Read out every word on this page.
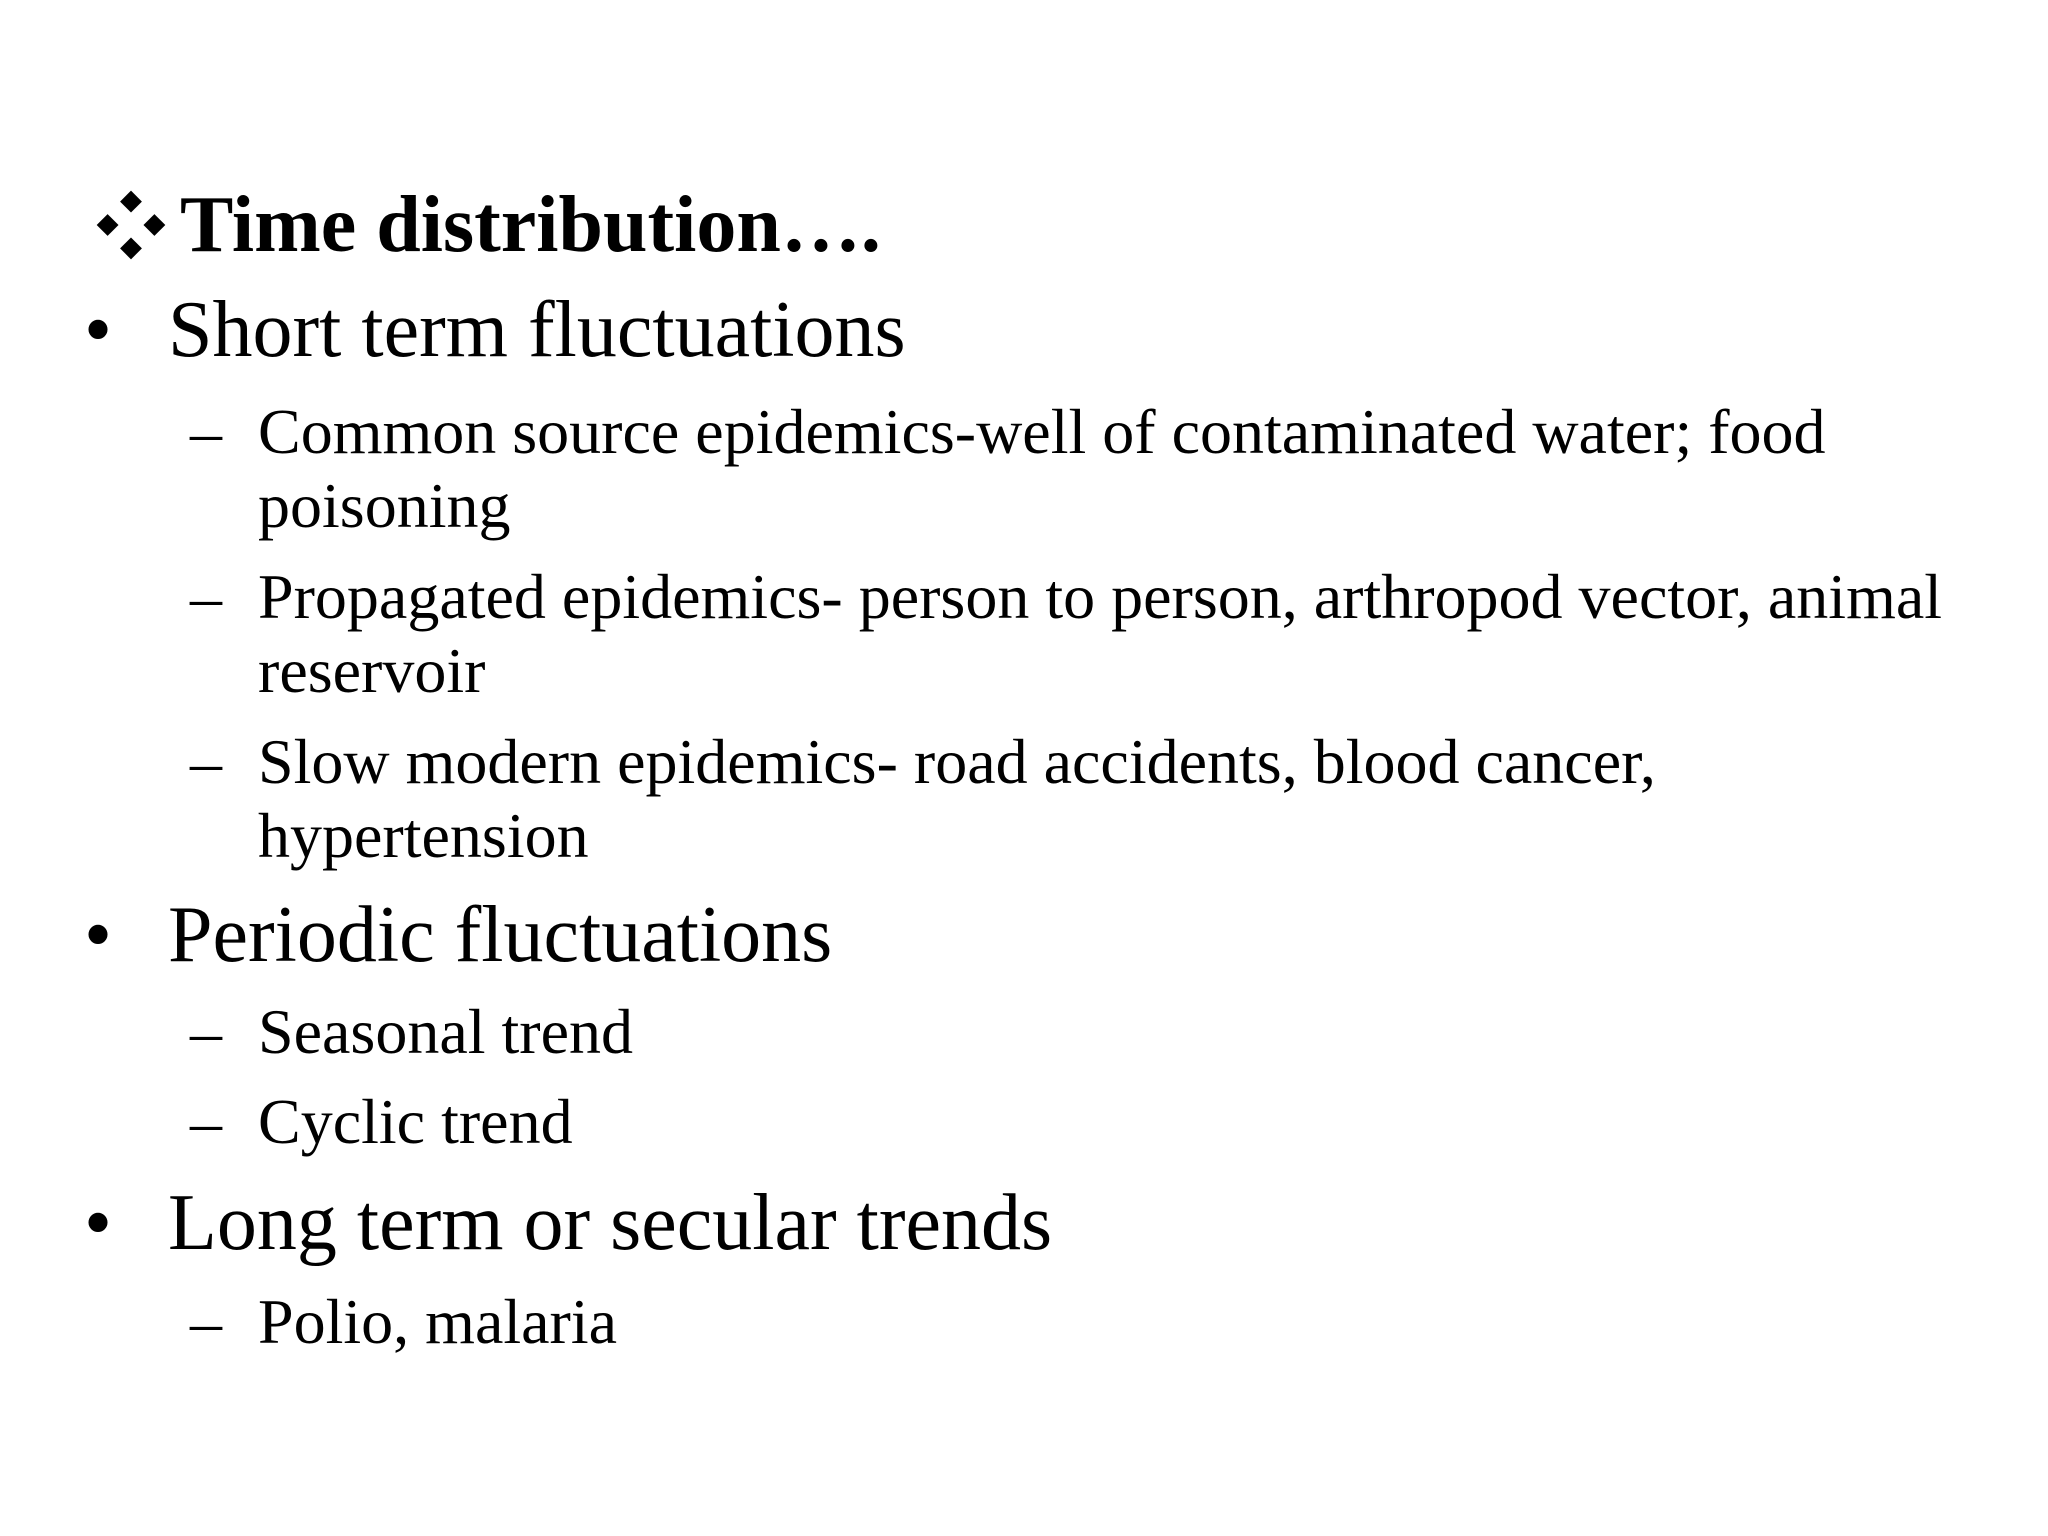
Time distribution….
• Short term fluctuations
– Common source epidemics-well of contaminated water; food poisoning
– Propagated epidemics- person to person, arthropod vector, animal reservoir
– Slow modern epidemics- road accidents, blood cancer, hypertension
• Periodic fluctuations
– Seasonal trend
– Cyclic trend
• Long term or secular trends
– Polio, malaria
